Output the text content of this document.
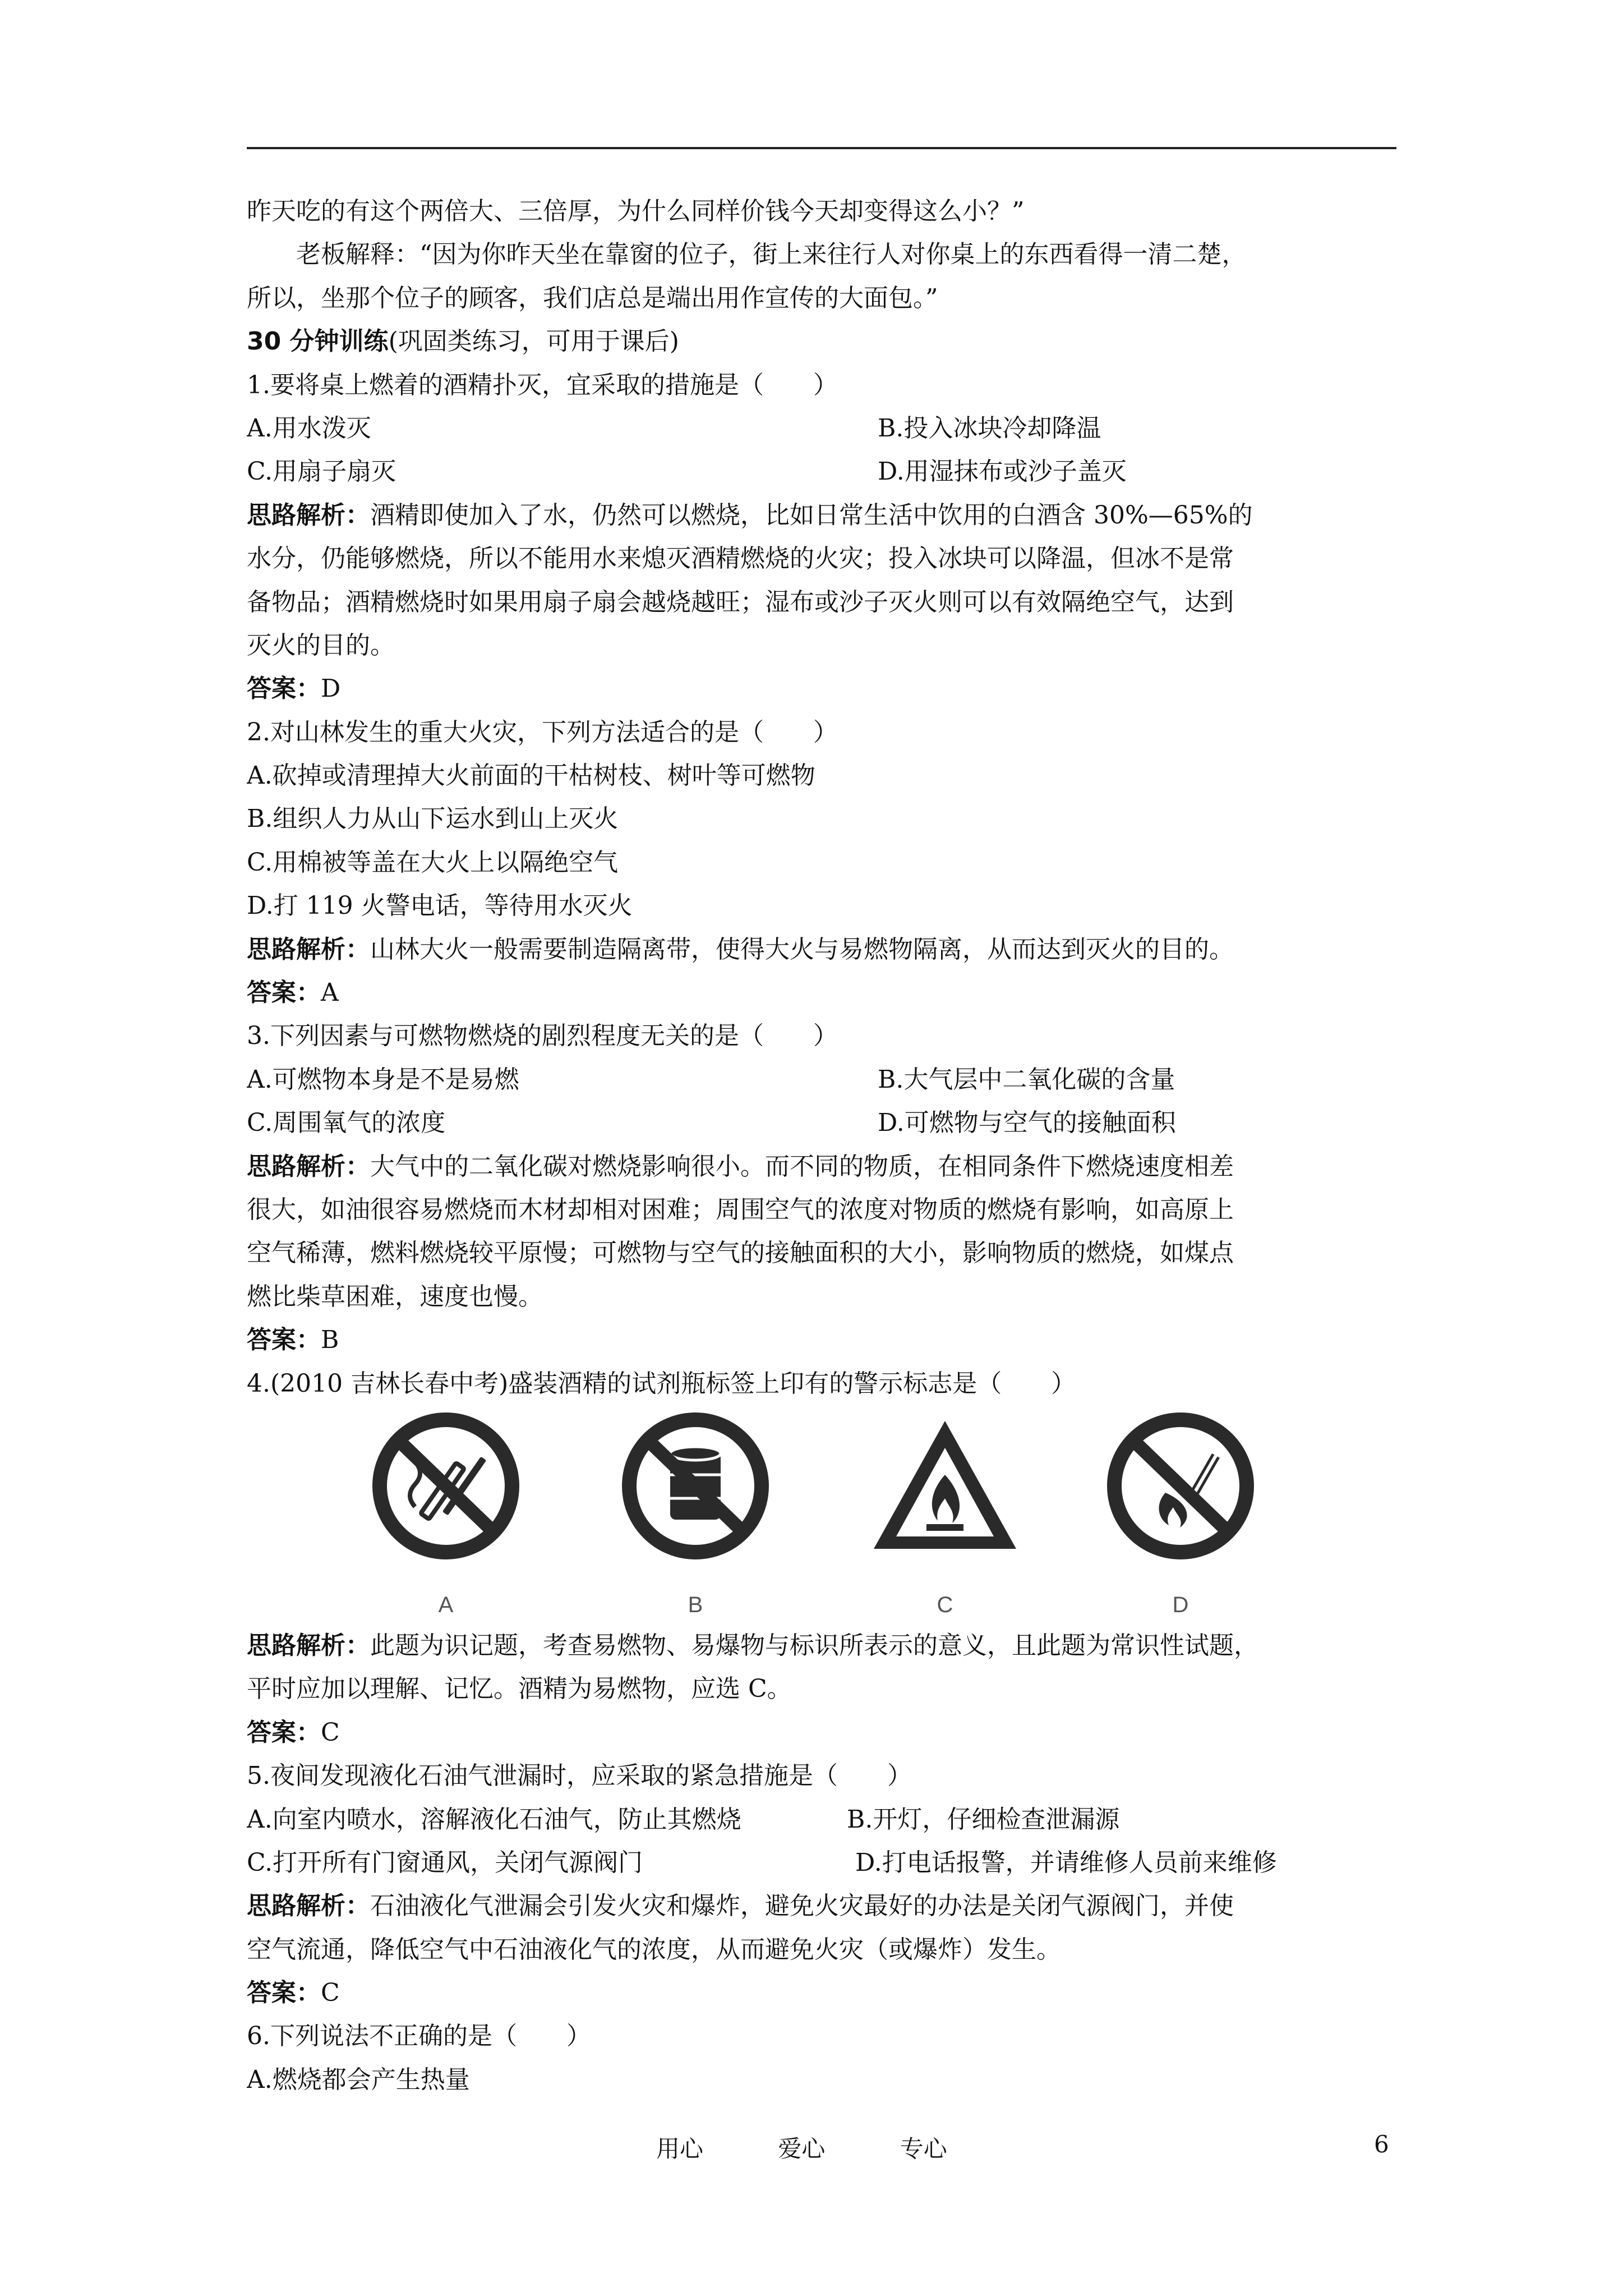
昨天吃的有这个两倍大、三倍厚，为什么同样价钱今天却变得这么小？”
老板解释：“因为你昨天坐在靠窗的位子，街上来往行人对你桌上的东西看得一清二楚，
所以，坐那个位子的顾客，我们店总是端出用作宣传的大面包。”
30 分钟训练(巩固类练习，可用于课后)
1.要将桌上燃着的酒精扑灭，宜采取的措施是（　　）
A.用水泼灭	B.投入冰块冷却降温
C.用扇子扇灭	D.用湿抹布或沙子盖灭
思路解析：酒精即使加入了水，仍然可以燃烧，比如日常生活中饮用的白酒含 30%—65%的
水分，仍能够燃烧，所以不能用水来熄灭酒精燃烧的火灾；投入冰块可以降温，但冰不是常
备物品；酒精燃烧时如果用扇子扇会越烧越旺；湿布或沙子灭火则可以有效隔绝空气，达到
灭火的目的。
答案：D
2.对山林发生的重大火灾，下列方法适合的是（　　）
A.砍掉或清理掉大火前面的干枯树枝、树叶等可燃物
B.组织人力从山下运水到山上灭火
C.用棉被等盖在大火上以隔绝空气
D.打 119 火警电话，等待用水灭火
思路解析：山林大火一般需要制造隔离带，使得大火与易燃物隔离，从而达到灭火的目的。
答案：A
3.下列因素与可燃物燃烧的剧烈程度无关的是（　　）
A.可燃物本身是不是易燃	B.大气层中二氧化碳的含量
C.周围氧气的浓度	D.可燃物与空气的接触面积
思路解析：大气中的二氧化碳对燃烧影响很小。而不同的物质，在相同条件下燃烧速度相差
很大，如油很容易燃烧而木材却相对困难；周围空气的浓度对物质的燃烧有影响，如高原上
空气稀薄，燃料燃烧较平原慢；可燃物与空气的接触面积的大小，影响物质的燃烧，如煤点
燃比柴草困难，速度也慢。
答案：B
4.(2010 吉林长春中考)盛装酒精的试剂瓶标签上印有的警示标志是（　　）
A	B	C	D
思路解析：此题为识记题，考查易燃物、易爆物与标识所表示的意义，且此题为常识性试题，
平时应加以理解、记忆。酒精为易燃物，应选 C。
答案：C
5.夜间发现液化石油气泄漏时，应采取的紧急措施是（　　）
A.向室内喷水，溶解液化石油气，防止其燃烧	B.开灯，仔细检查泄漏源
C.打开所有门窗通风，关闭气源阀门	D.打电话报警，并请维修人员前来维修
思路解析：石油液化气泄漏会引发火灾和爆炸，避免火灾最好的办法是关闭气源阀门，并使
空气流通，降低空气中石油液化气的浓度，从而避免火灾（或爆炸）发生。
答案：C
6.下列说法不正确的是（　　）
A.燃烧都会产生热量
用心	爱心	专心	6
